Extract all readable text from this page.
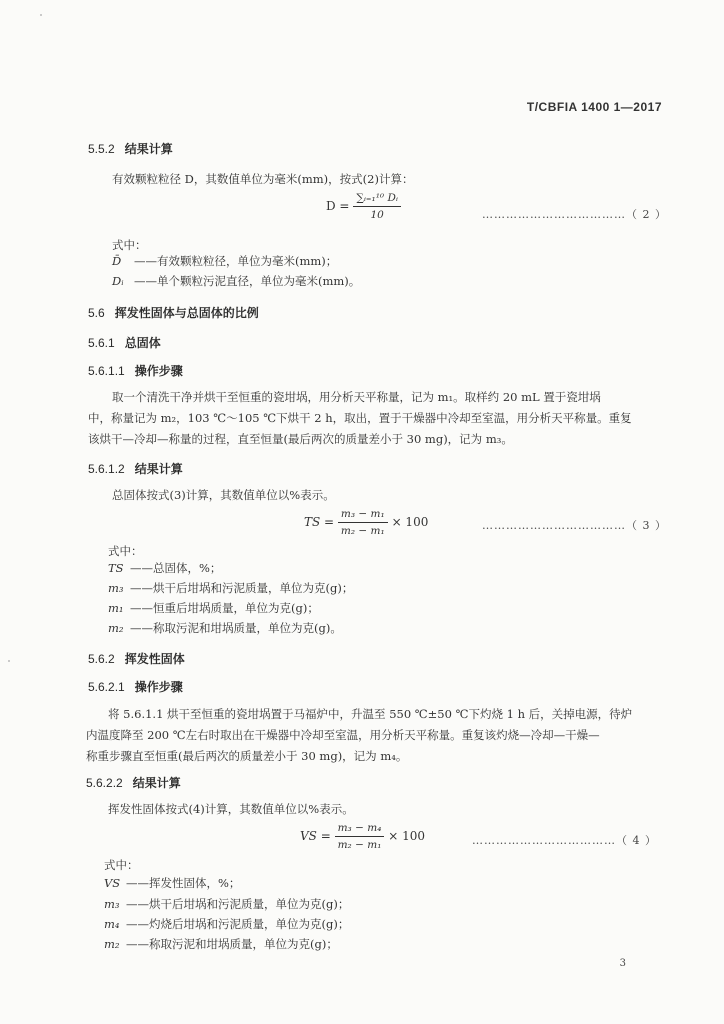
T/CBFIA 1400 1—2017
5.5.2 结果计算
有效颗粒粒径 D，其数值单位为毫米(mm)，按式(2)计算：
$D = \frac{\text{∑ᵢ₌₁¹⁰ Dᵢ}}{10}$	………………………………（ 2 ）
式中：
D̄ ——有效颗粒粒径，单位为毫米(mm)；
Dᵢ ——单个颗粒污泥直径，单位为毫米(mm)。
5.6 挥发性固体与总固体的比例
5.6.1 总固体
5.6.1.1 操作步骤
取一个清洗干净并烘干至恒重的瓷坩埚，用分析天平称量，记为 m₁。取样约 20 mL 置于瓷坩埚
中，称量记为 m₂，103 ℃～105 ℃下烘干 2 h，取出，置于干燥器中冷却至室温，用分析天平称量。重复
该烘干—冷却—称量的过程，直至恒量(最后两次的质量差小于 30 mg)，记为 m₃。
5.6.1.2 结果计算
总固体按式(3)计算，其数值单位以%表示。
TS = $\frac{\text{m₃ − m₁}}{\text{m₂ − m₁}} \times 100$	………………………………（ 3 ）
式中：
TS ——总固体，%；
m₃ ——烘干后坩埚和污泥质量，单位为克(g)；
m₁ ——恒重后坩埚质量，单位为克(g)；
m₂ ——称取污泥和坩埚质量，单位为克(g)。
5.6.2 挥发性固体
5.6.2.1 操作步骤
将 5.6.1.1 烘干至恒重的瓷坩埚置于马福炉中，升温至 550 ℃±50 ℃下灼烧 1 h 后，关掉电源，待炉
内温度降至 200 ℃左右时取出在干燥器中冷却至室温，用分析天平称量。重复该灼烧—冷却—干燥—
称重步骤直至恒重(最后两次的质量差小于 30 mg)，记为 m₄。
5.6.2.2 结果计算
挥发性固体按式(4)计算，其数值单位以%表示。
VS = $\frac{\text{m₃ − m₄}}{\text{m₂ − m₁}} \times 100$	………………………………（ 4 ）
式中：
VS ——挥发性固体，%；
m₃ ——烘干后坩埚和污泥质量，单位为克(g)；
m₄ ——灼烧后坩埚和污泥质量，单位为克(g)；
m₂ ——称取污泥和坩埚质量，单位为克(g)；
3
